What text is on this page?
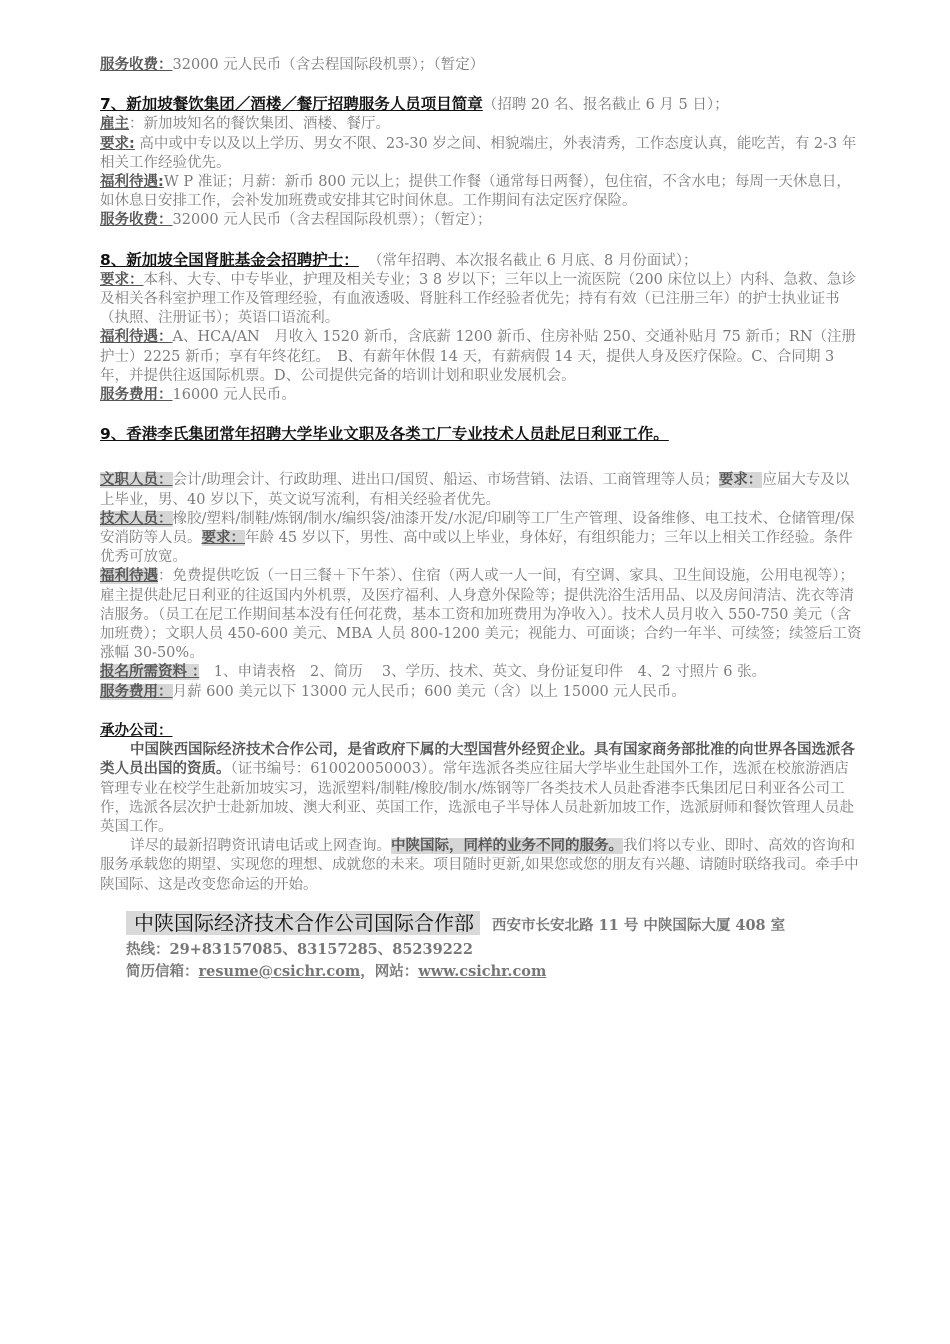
服务收费：32000 元人民币（含去程国际段机票）；（暂定）

7、新加坡餐饮集团／酒楼／餐厅招聘服务人员项目简章（招聘 20 名、报名截止 6 月 5 日）；

雇主：新加坡知名的餐饮集团、酒楼、餐厅。

要求: 高中或中专以及以上学历、男女不限、23-30 岁之间、相貌端庄，外表清秀，工作态度认真，能吃苦，有 2-3 年相关工作经验优先。

福利待遇:W P 准证；月薪：新币 800 元以上；提供工作餐（通常每日两餐），包住宿，不含水电；每周一天休息日，如休息日安排工作，会补发加班费或安排其它时间休息。工作期间有法定医疗保险。

服务收费：32000 元人民币（含去程国际段机票）；（暂定）；

8、新加坡全国肾脏基金会招聘护士： （常年招聘、本次报名截止 6 月底、8 月份面试）；

要求：本科、大专、中专毕业，护理及相关专业；3 8 岁以下；三年以上一流医院（200 床位以上）内科、急救、急诊及相关各科室护理工作及管理经验，有血液透吸、肾脏科工作经验者优先；持有有效（已注册三年）的护士执业证书（执照、注册证书）；英语口语流利。

福利待遇：A、HCA/AN　月收入 1520 新币，含底薪 1200 新币、住房补贴 250、交通补贴月 75 新币；RN（注册护士）2225 新币；享有年终花红。　B、有薪年休假 14 天，有薪病假 14 天，提供人身及医疗保险。C、合同期 3 年，并提供往返国际机票。D、公司提供完备的培训计划和职业发展机会。

服务费用：16000 元人民币。

9、香港李氏集团常年招聘大学毕业文职及各类工厂专业技术人员赴尼日利亚工作。

文职人员：会计/助理会计、行政助理、进出口/国贸、船运、市场营销、法语、工商管理等人员；要求：应届大专及以上毕业，男、40 岁以下，英文说写流利，有相关经验者优先。

技术人员：橡胶/塑料/制鞋/炼钢/制水/编织袋/油漆开发/水泥/印刷等工厂生产管理、设备维修、电工技术、仓储管理/保安消防等人员。要求：年龄 45 岁以下，男性、高中或以上毕业，身体好，有组织能力；三年以上相关工作经验。条件优秀可放宽。

福利待遇：免费提供吃饭（一日三餐＋下午茶）、住宿（两人或一人一间，有空调、家具、卫生间设施，公用电视等）；雇主提供赴尼日利亚的往返国内外机票，及医疗福利、人身意外保险等；提供洗浴生活用品、以及房间清洁、洗衣等清洁服务。（员工在尼工作期间基本没有任何花费，基本工资和加班费用为净收入）。技术人员月收入 550-750 美元（含加班费）；文职人员 450-600 美元、MBA 人员 800-1200 美元；视能力、可面谈；合约一年半、可续签；续签后工资涨幅 30-50%。

报名所需资料 ：　1、申请表格　2、简历　 3、学历、技术、英文、身份证复印件　4、2 寸照片 6 张。

服务费用：月薪 600 美元以下 13000 元人民币；600 美元（含）以上 15000 元人民币。

承办公司：

中国陕西国际经济技术合作公司，是省政府下属的大型国营外经贸企业。具有国家商务部批准的向世界各国选派各类人员出国的资质。（证书编号：610020050003）。常年选派各类应往届大学毕业生赴国外工作，选派在校旅游酒店管理专业在校学生赴新加坡实习，选派塑料/制鞋/橡胶/制水/炼钢等厂各类技术人员赴香港李氏集团尼日利亚各公司工作，选派各层次护士赴新加坡、澳大利亚、英国工作，选派电子半导体人员赴新加坡工作，选派厨师和餐饮管理人员赴英国工作。

详尽的最新招聘资讯请电话或上网查询。中陕国际，同样的业务不同的服务。我们将以专业、即时、高效的咨询和服务承载您的期望、实现您的理想、成就您的未来。项目随时更新,如果您或您的朋友有兴趣、请随时联络我司。牵手中陕国际、这是改变您命运的开始。

中陕国际经济技术合作公司国际合作部 西安市长安北路 11 号 中陕国际大厦 408 室

热线：29+83157085、83157285、85239222

简历信箱：resume@csichr.com，网站：www.csichr.com
